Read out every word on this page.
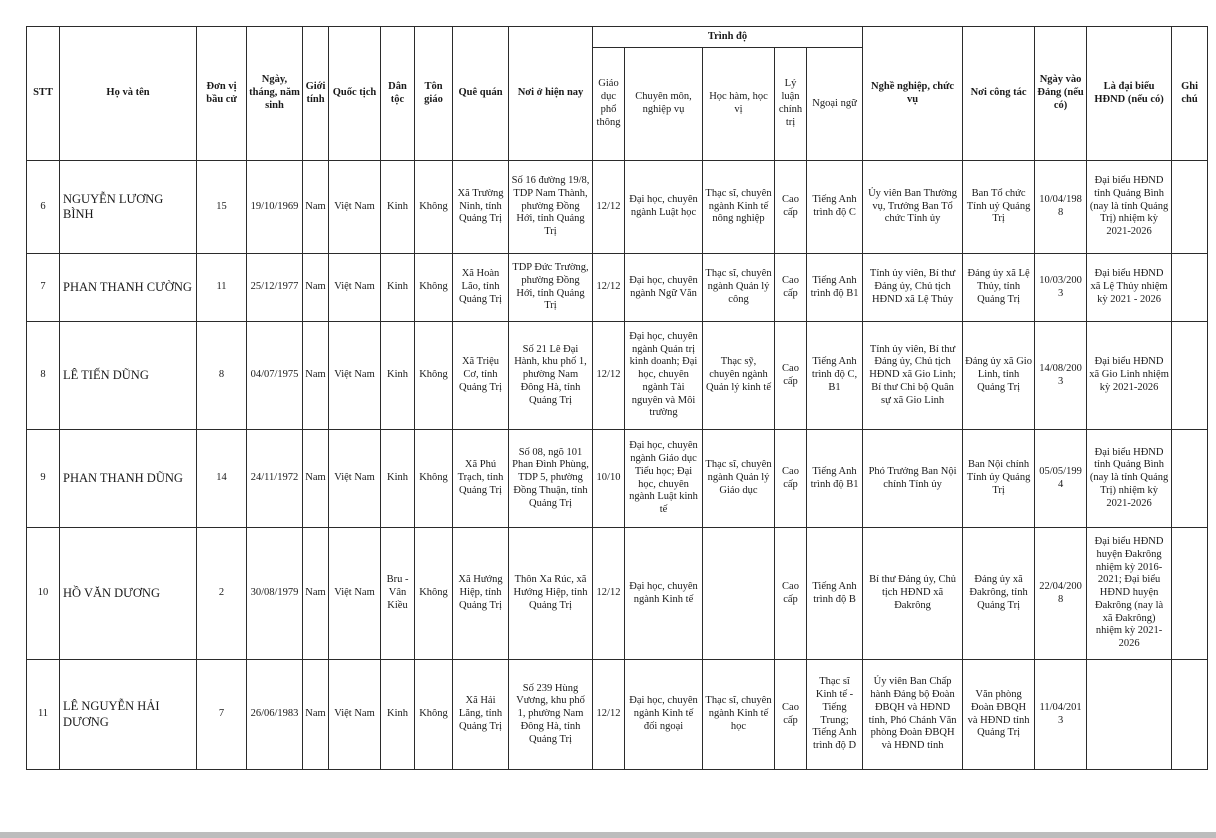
STT	Họ và tên	Đơn vị bầu cử	Ngày, tháng, năm sinh	Giới tính	Quốc tịch	Dân tộc	Tôn giáo	Quê quán	Nơi ở hiện nay	Trình độ					Nghề nghiệp, chức vụ	Nơi công tác	Ngày vào Đảng (nếu có)	Là đại biểu HĐND (nếu có)	Ghi chú
										Giáo dục phổ thông	Chuyên môn, nghiệp vụ	Học hàm, học vị	Lý luận chính trị	Ngoại ngữ					
6	NGUYỄN LƯƠNG BÌNH	15	19/10/1969	Nam	Việt Nam	Kinh	Không	Xã Trường Ninh, tỉnh Quảng Trị	Số 16 đường 19/8, TDP Nam Thành, phường Đồng Hới, tỉnh Quảng Trị	12/12	Đại học, chuyên ngành Luật học	Thạc sĩ, chuyên ngành Kinh tế nông nghiệp	Cao cấp	Tiếng Anh trình độ C	Ủy viên Ban Thường vụ, Trưởng Ban Tổ chức Tỉnh ủy	Ban Tổ chức Tỉnh uỷ Quảng Trị	10/04/1988	Đại biểu HĐND tỉnh Quảng Bình (nay là tỉnh Quảng Trị) nhiệm kỳ 2021-2026	
7	PHAN THANH CƯỜNG	11	25/12/1977	Nam	Việt Nam	Kinh	Không	Xã Hoàn Lão, tỉnh Quảng Trị	TDP Đức Trường, phường Đồng Hới, tỉnh Quảng Trị	12/12	Đại học, chuyên ngành Ngữ Văn	Thạc sĩ, chuyên ngành Quản lý công	Cao cấp	Tiếng Anh trình độ B1	Tỉnh ủy viên, Bí thư Đảng ủy, Chủ tịch HĐND xã Lệ Thủy	Đảng ủy xã Lệ Thủy, tỉnh Quảng Trị	10/03/2003	Đại biểu HĐND xã Lệ Thủy nhiệm kỳ 2021 - 2026	
8	LÊ TIẾN DŨNG	8	04/07/1975	Nam	Việt Nam	Kinh	Không	Xã Triệu Cơ, tỉnh Quảng Trị	Số 21 Lê Đại Hành, khu phố 1, phường Nam Đông Hà, tỉnh Quảng Trị	12/12	Đại học, chuyên ngành Quản trị kinh doanh; Đại học, chuyên ngành Tài nguyên và Môi trường	Thạc sỹ, chuyên ngành Quản lý kinh tế	Cao cấp	Tiếng Anh trình độ C, B1	Tỉnh ủy viên, Bí thư Đảng ủy, Chủ tịch HĐND xã Gio Linh; Bí thư Chi bộ Quân sự xã Gio Linh	Đảng ủy xã Gio Linh, tỉnh Quảng Trị	14/08/2003	Đại biểu HĐND xã Gio Linh nhiệm kỳ 2021-2026	
9	PHAN THANH DŨNG	14	24/11/1972	Nam	Việt Nam	Kinh	Không	Xã Phú Trạch, tỉnh Quảng Trị	Số 08, ngõ 101 Phan Đình Phùng, TDP 5, phường Đồng Thuận, tỉnh Quảng Trị	10/10	Đại học, chuyên ngành Giáo dục Tiểu học; Đại học, chuyên ngành Luật kinh tế	Thạc sĩ, chuyên ngành Quản lý Giáo dục	Cao cấp	Tiếng Anh trình độ B1	Phó Trưởng Ban Nội chính Tỉnh ủy	Ban Nội chính Tỉnh ủy Quảng Trị	05/05/1994	Đại biểu HĐND tỉnh Quảng Bình (nay là tỉnh Quảng Trị) nhiệm kỳ 2021-2026	
10	HỒ VĂN DƯƠNG	2	30/08/1979	Nam	Việt Nam	Bru - Vân Kiều	Không	Xã Hướng Hiệp, tỉnh Quảng Trị	Thôn Xa Rúc, xã Hướng Hiệp, tỉnh Quảng Trị	12/12	Đại học, chuyên ngành Kinh tế		Cao cấp	Tiếng Anh trình độ B	Bí thư Đảng ủy, Chủ tịch HĐND xã Đakrông	Đảng ủy xã Đakrông, tỉnh Quảng Trị	22/04/2008	Đại biểu HĐND huyện Đakrông nhiệm kỳ 2016-2021; Đại biểu HĐND huyện Đakrông (nay là xã Đakrông) nhiệm kỳ 2021-2026	
11	LÊ NGUYỄN HẢI DƯƠNG	7	26/06/1983	Nam	Việt Nam	Kinh	Không	Xã Hải Lăng, tỉnh Quảng Trị	Số 239 Hùng Vương, khu phố 1, phường Nam Đông Hà, tỉnh Quảng Trị	12/12	Đại học, chuyên ngành Kinh tế đối ngoại	Thạc sĩ, chuyên ngành Kinh tế học	Cao cấp	Thạc sĩ Kinh tế - Tiếng Trung; Tiếng Anh trình độ D	Ủy viên Ban Chấp hành Đảng bộ Đoàn ĐBQH và HĐND tỉnh, Phó Chánh Văn phòng Đoàn ĐBQH và HĐND tỉnh	Văn phòng Đoàn ĐBQH và HĐND tỉnh Quảng Trị	11/04/2013		
